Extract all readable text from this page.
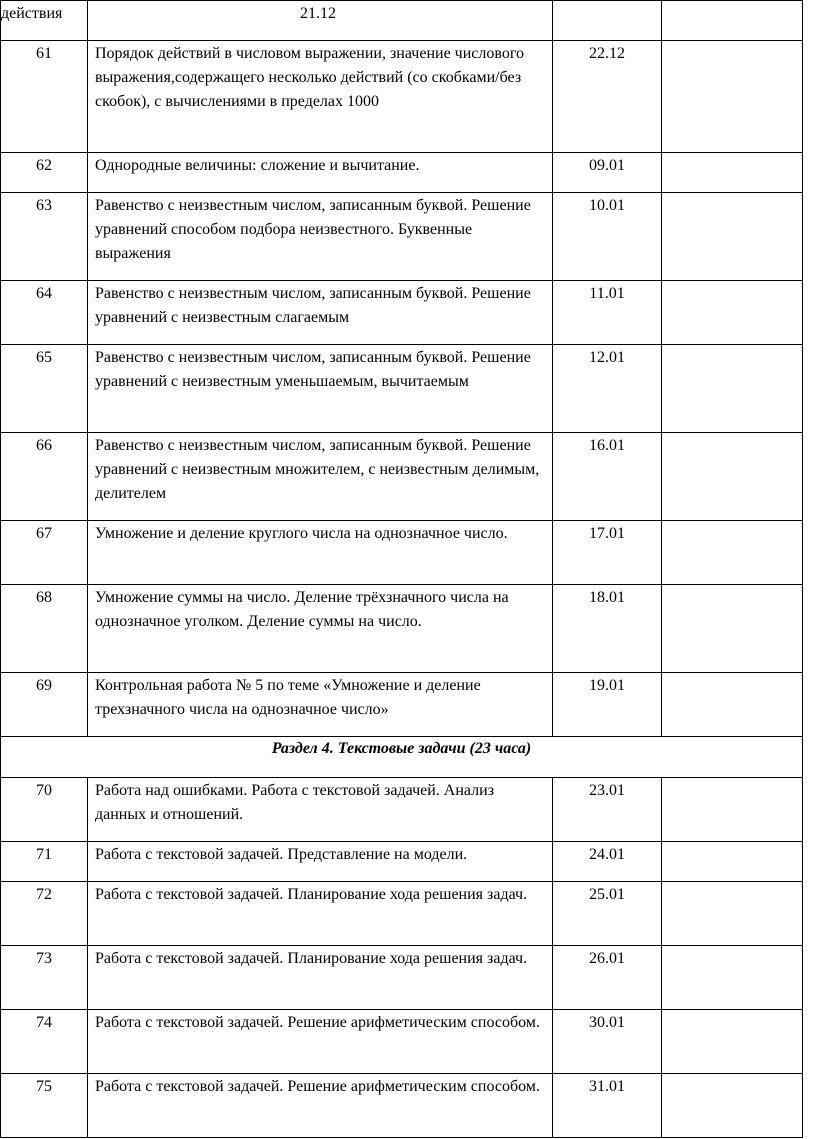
действия	21.12		

61	Порядок действий в числовом выражении, значение числового выражения,содержащего несколько действий (со скобками/без скобок), с вычислениями в пределах 1000	22.12	

62	Однородные величины: сложение и вычитание.	09.01	

63	Равенство с неизвестным числом, записанным буквой. Решение уравнений способом подбора неизвестного. Буквенные выражения	10.01	

64	Равенство с неизвестным числом, записанным буквой. Решение уравнений с неизвестным слагаемым	11.01	

65	Равенство с неизвестным числом, записанным буквой. Решение уравнений с неизвестным уменьшаемым, вычитаемым	12.01	

66	Равенство с неизвестным числом, записанным буквой. Решение уравнений с неизвестным множителем, с неизвестным делимым, делителем	16.01	

67	Умножение и деление круглого числа на однозначное число.	17.01	

68	Умножение суммы на число. Деление трёхзначного числа на однозначное уголком. Деление суммы на число.	18.01	

69	Контрольная работа № 5 по теме «Умножение и деление трехзначного числа на однозначное число»	19.01	

Раздел 4. Текстовые задачи (23 часа)			

70	Работа над ошибками. Работа с текстовой задачей. Анализ данных и отношений.	23.01	

71	Работа с текстовой задачей. Представление на модели.	24.01	

72	Работа с текстовой задачей. Планирование хода решения задач.	25.01	

73	Работа с текстовой задачей. Планирование хода решения задач.	26.01	

74	Работа с текстовой задачей. Решение арифметическим способом.	30.01	

75	Работа с текстовой задачей. Решение арифметическим способом.	31.01	
